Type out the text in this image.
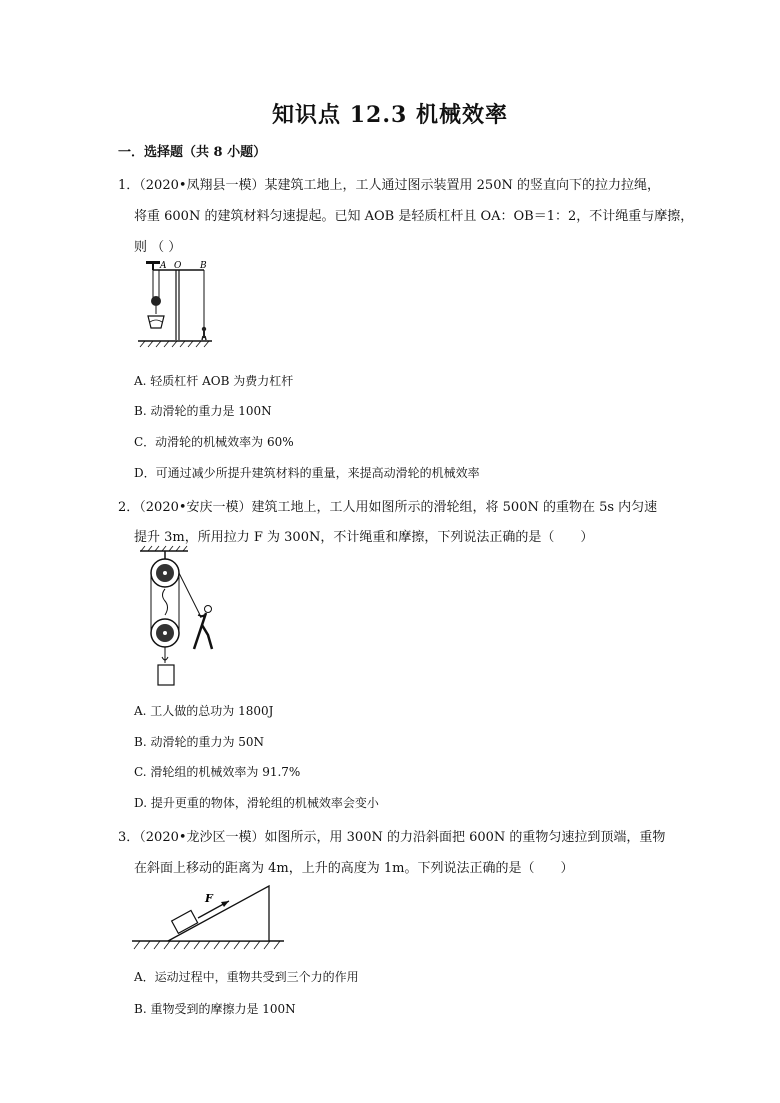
知识点 12.3 机械效率
一．选择题（共 8 小题）
1．（2020•凤翔县一模）某建筑工地上，工人通过图示装置用 250N 的竖直向下的拉力拉绳，
将重 600N 的建筑材料匀速提起。已知 AOB 是轻质杠杆且 OA：OB＝1：2，不计绳重与摩擦，
则 （ ）
A O B
A. 轻质杠杆 AOB 为费力杠杆
B. 动滑轮的重力是 100N
C．动滑轮的机械效率为 60%
D．可通过减少所提升建筑材料的重量，来提高动滑轮的机械效率
2．（2020•安庆一模）建筑工地上，工人用如图所示的滑轮组，将 500N 的重物在 5s 内匀速
提升 3m，所用拉力 F 为 300N，不计绳重和摩擦，下列说法正确的是（　　）
A. 工人做的总功为 1800J
B. 动滑轮的重力为 50N
C. 滑轮组的机械效率为 91.7%
D. 提升更重的物体，滑轮组的机械效率会变小
3．（2020•龙沙区一模）如图所示，用 300N 的力沿斜面把 600N 的重物匀速拉到顶端，重物
在斜面上移动的距离为 4m，上升的高度为 1m。下列说法正确的是（　　）
F
A．运动过程中，重物共受到三个力的作用
B. 重物受到的摩擦力是 100N
